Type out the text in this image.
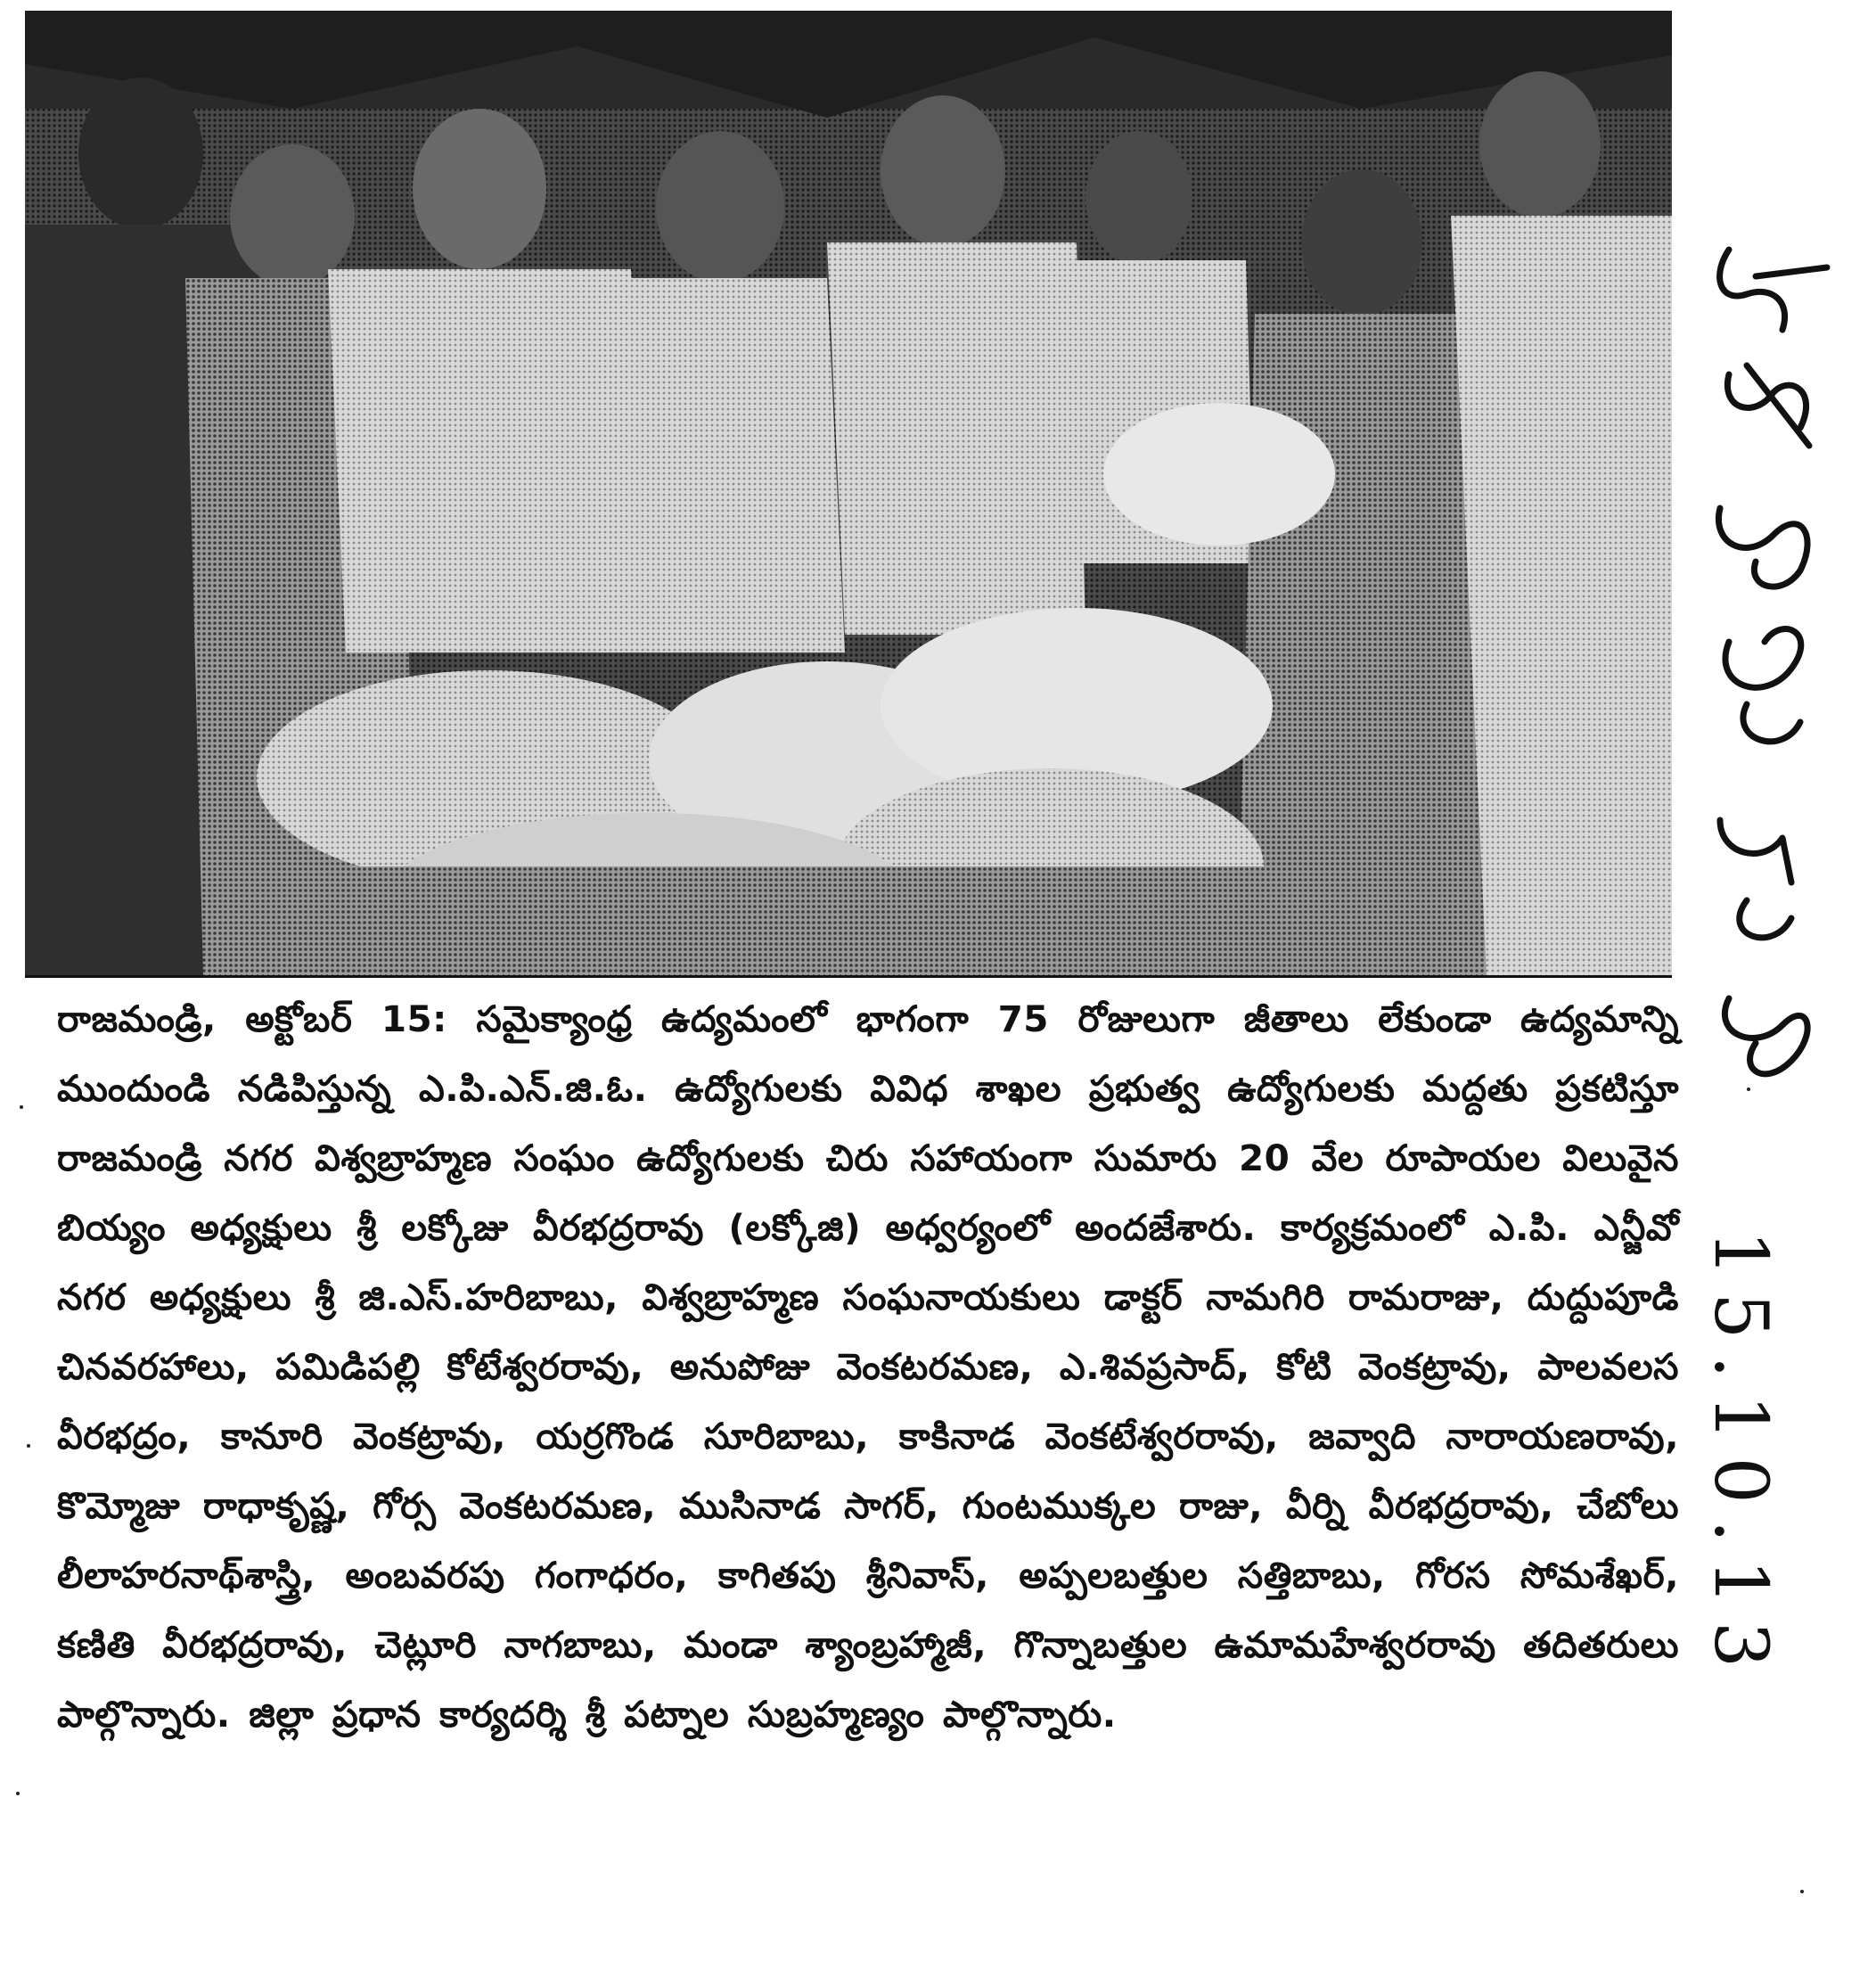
15.10.13
రాజమండ్రి, అక్టోబర్ 15: సమైక్యాంధ్ర ఉద్యమంలో భాగంగా 75 రోజులుగా జీతాలు లేకుండా ఉద్యమాన్ని ముందుండి నడిపిస్తున్న ఎ.పి.ఎన్.జి.ఓ. ఉద్యోగులకు వివిధ శాఖల ప్రభుత్వ ఉద్యోగులకు మద్దతు ప్రకటిస్తూ రాజమండ్రి నగర విశ్వబ్రాహ్మణ సంఘం ఉద్యోగులకు చిరు సహాయంగా సుమారు 20 వేల రూపాయల విలువైన బియ్యం అధ్యక్షులు శ్రీ లక్కోజు వీరభద్రరావు (లక్కోజి) అధ్వర్యంలో అందజేశారు. కార్యక్రమంలో ఎ.పి. ఎన్జీవో నగర అధ్యక్షులు శ్రీ జి.ఎస్.హరిబాబు, విశ్వబ్రాహ్మణ సంఘనాయకులు డాక్టర్ నామగిరి రామరాజు, దుద్దుపూడి చినవరహాలు, పమిడిపల్లి కోటేశ్వరరావు, అనుపోజు వెంకటరమణ, ఎ.శివప్రసాద్, కోటి వెంకట్రావు, పాలవలస వీరభద్రం, కానూరి వెంకట్రావు, యర్రగొండ సూరిబాబు, కాకినాడ వెంకటేశ్వరరావు, జవ్వాది నారాయణరావు, కొమ్మోజు రాధాకృష్ణ, గోర్స వెంకటరమణ, ముసినాడ సాగర్, గుంటముక్కల రాజు, వీర్ని వీరభద్రరావు, చేబోలు లీలాహరనాథ్‌శాస్త్రి, అంబవరపు గంగాధరం, కాగితపు శ్రీనివాస్, అప్పలబత్తుల సత్తిబాబు, గోరస సోమశేఖర్, కణితి వీరభద్రరావు, చెట్లూరి నాగబాబు, మండా శ్యాంబ్రహ్మాజీ, గొన్నాబత్తుల ఉమామహేశ్వరరావు తదితరులు పాల్గొన్నారు. జిల్లా ప్రధాన కార్యదర్శి శ్రీ పట్నాల సుబ్రహ్మణ్యం పాల్గొన్నారు.
